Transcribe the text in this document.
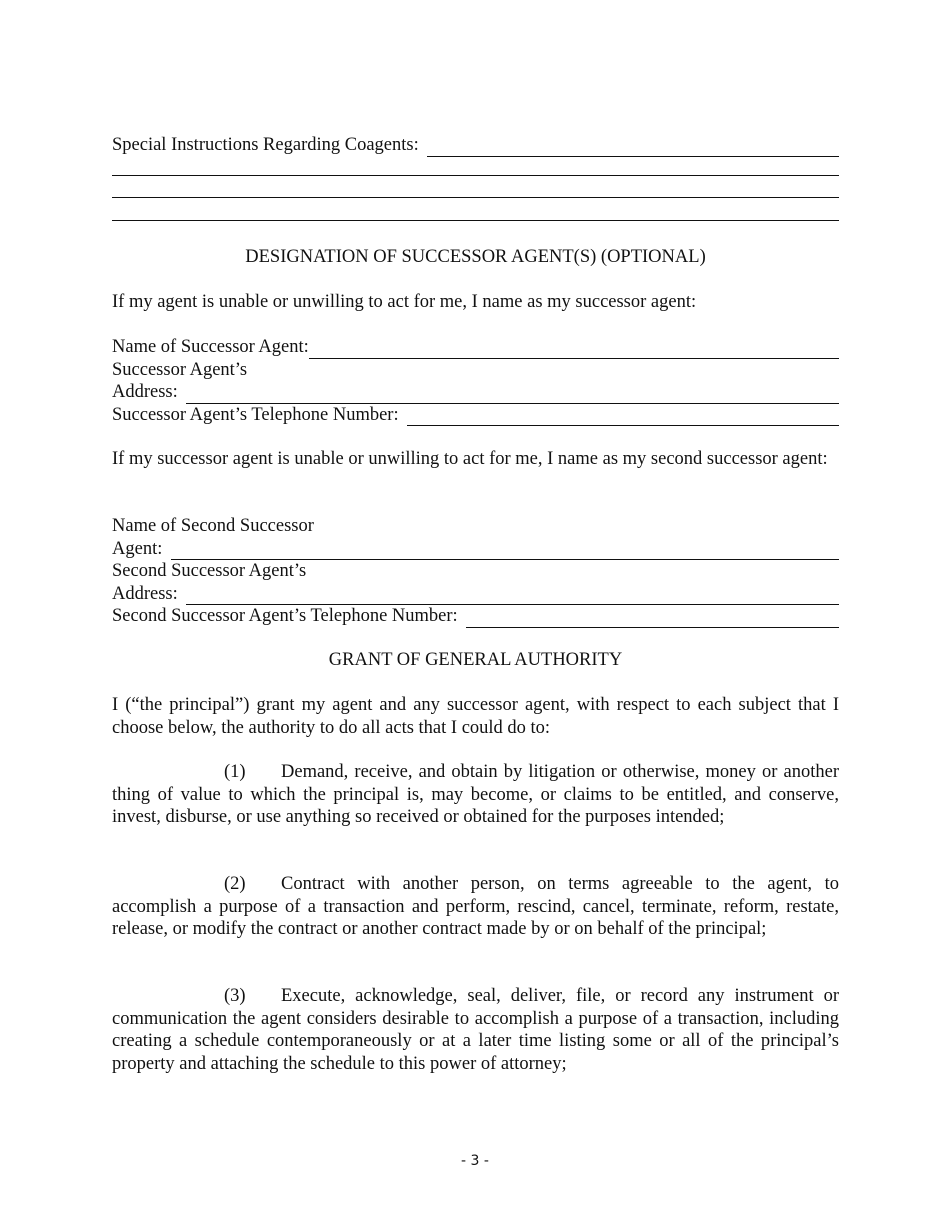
Special Instructions Regarding Coagents:
DESIGNATION OF SUCCESSOR AGENT(S) (OPTIONAL)
If my agent is unable or unwilling to act for me, I name as my successor agent:
Name of Successor Agent:
Successor Agent’s
Address:
Successor Agent’s Telephone Number:

If my successor agent is unable or unwilling to act for me, I name as my second successor agent:

Name of Second Successor
Agent:
Second Successor Agent’s
Address:
Second Successor Agent’s Telephone Number:
GRANT OF GENERAL AUTHORITY

I (“the principal”) grant my agent and any successor agent, with respect to each subject that I choose below, the authority to do all acts that I could do to:

(1) Demand, receive, and obtain by litigation or otherwise, money or another thing of value to which the principal is, may become, or claims to be entitled, and conserve, invest, disburse, or use anything so received or obtained for the purposes intended;

(2) Contract with another person, on terms agreeable to the agent, to accomplish a purpose of a transaction and perform, rescind, cancel, terminate, reform, restate, release, or modify the contract or another contract made by or on behalf of the principal;

(3) Execute, acknowledge, seal, deliver, file, or record any instrument or communication the agent considers desirable to accomplish a purpose of a transaction, including creating a schedule contemporaneously or at a later time listing some or all of the principal’s property and attaching the schedule to this power of attorney;

- 3 -
